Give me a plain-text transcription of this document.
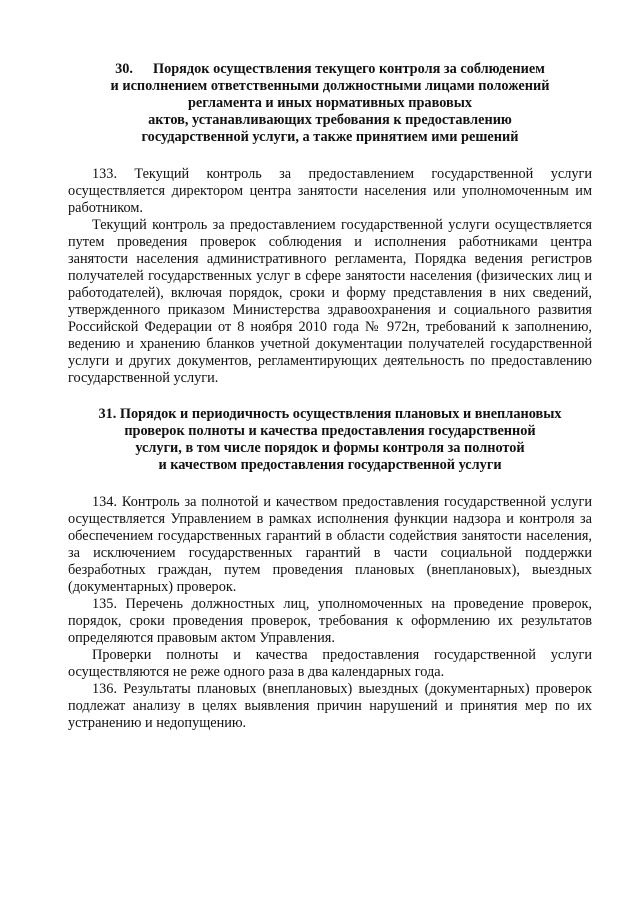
30. Порядок осуществления текущего контроля за соблюдением
и исполнением ответственными должностными лицами положений
регламента и иных нормативных правовых
актов, устанавливающих требования к предоставлению
государственной услуги, а также принятием ими решений

133. Текущий контроль за предоставлением государственной услуги осуществляется директором центра занятости населения или уполномоченным им работником.

Текущий контроль за предоставлением государственной услуги осуществляется путем проведения проверок соблюдения и исполнения работниками центра занятости населения административного регламента, Порядка ведения регистров получателей государственных услуг в сфере занятости населения (физических лиц и работодателей), включая порядок, сроки и форму представления в них сведений, утвержденного приказом Министерства здравоохранения и социального развития Российской Федерации от 8 ноября 2010 года № 972н, требований к заполнению, ведению и хранению бланков учетной документации получателей государственной услуги и других документов, регламентирующих деятельность по предоставлению государственной услуги.

31. Порядок и периодичность осуществления плановых и внеплановых
проверок полноты и качества предоставления государственной
услуги, в том числе порядок и формы контроля за полнотой
и качеством предоставления государственной услуги

134. Контроль за полнотой и качеством предоставления государственной услуги осуществляется Управлением в рамках исполнения функции надзора и контроля за обеспечением государственных гарантий в области содействия занятости населения, за исключением государственных гарантий в части социальной поддержки безработных граждан, путем проведения плановых (внеплановых), выездных (документарных) проверок.

135. Перечень должностных лиц, уполномоченных на проведение проверок, порядок, сроки проведения проверок, требования к оформлению их результатов определяются правовым актом Управления.

Проверки полноты и качества предоставления государственной услуги осуществляются не реже одного раза в два календарных года.

136. Результаты плановых (внеплановых) выездных (документарных) проверок подлежат анализу в целях выявления причин нарушений и принятия мер по их устранению и недопущению.
